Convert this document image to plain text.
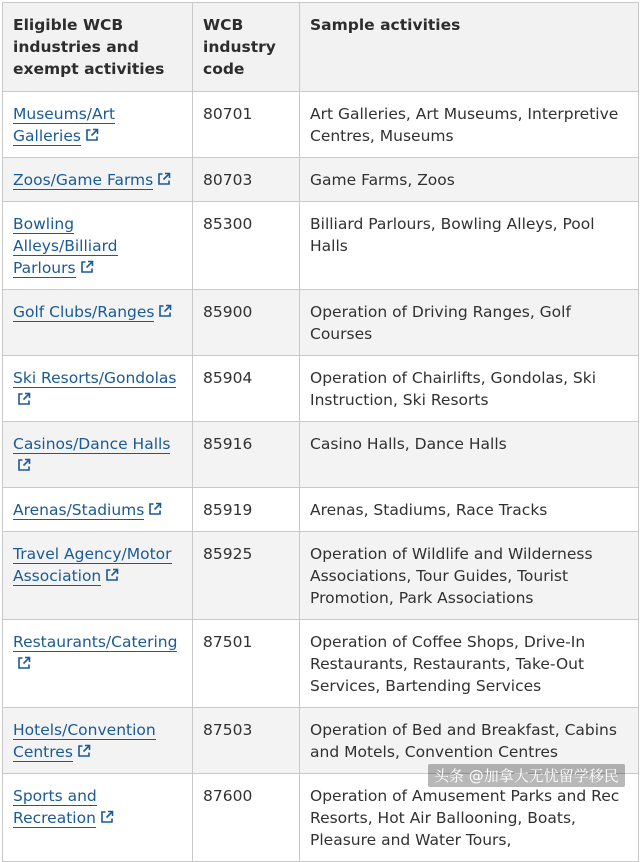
Eligible WCB industries and exempt activities	WCB industry code	Sample activities

Museums/Art Galleries	80701	Art Galleries, Art Museums, Interpretive Centres, Museums

Zoos/Game Farms	80703	Game Farms, Zoos

Bowling Alleys/Billiard Parlours	85300	Billiard Parlours, Bowling Alleys, Pool Halls

Golf Clubs/Ranges	85900	Operation of Driving Ranges, Golf Courses

Ski Resorts/Gondolas	85904	Operation of Chairlifts, Gondolas, Ski Instruction, Ski Resorts

Casinos/Dance Halls	85916	Casino Halls, Dance Halls

Arenas/Stadiums	85919	Arenas, Stadiums, Race Tracks

Travel Agency/Motor Association	85925	Operation of Wildlife and Wilderness Associations, Tour Guides, Tourist Promotion, Park Associations

Restaurants/Catering	87501	Operation of Coffee Shops, Drive-In Restaurants, Restaurants, Take-Out Services, Bartending Services

Hotels/Convention Centres	87503	Operation of Bed and Breakfast, Cabins and Motels, Convention Centres

Sports and Recreation	87600	Operation of Amusement Parks and Rec Resorts, Hot Air Ballooning, Boats, Pleasure and Water Tours,
头条 @加拿大无忧留学移民
